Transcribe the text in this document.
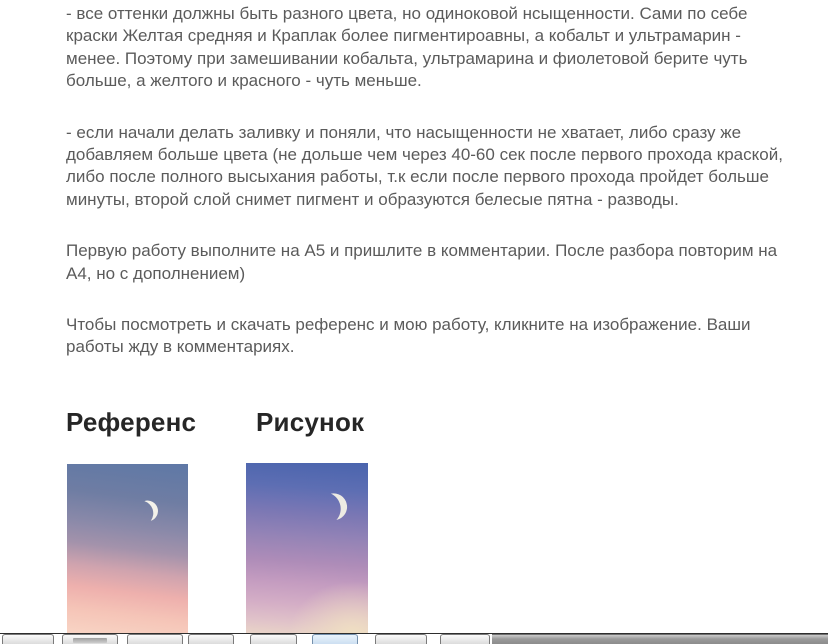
- все оттенки должны быть разного цвета, но одиноковой нсыщенности. Сами по себе краски Желтая средняя и Краплак более пигментироавны, а кобальт и ультрамарин - менее. Поэтому при замешивании кобальта, ультрамарина и фиолетовой берите чуть больше, а желтого и красного - чуть меньше.

- если начали делать заливку и поняли, что насыщенности не хватает, либо сразу же добавляем больше цвета (не дольше чем через 40-60 сек после первого прохода краской, либо после полного высыхания работы, т.к если после первого прохода пройдет больше минуты, второй слой снимет пигмент и образуются белесые пятна - разводы.

Первую работу выполните на А5 и пришлите в комментарии. После разбора повторим на А4, но с дополнением)

Чтобы посмотреть и скачать референс и мою работу, кликните на изображение. Ваши работы жду в комментариях.

Референс Рисунок
